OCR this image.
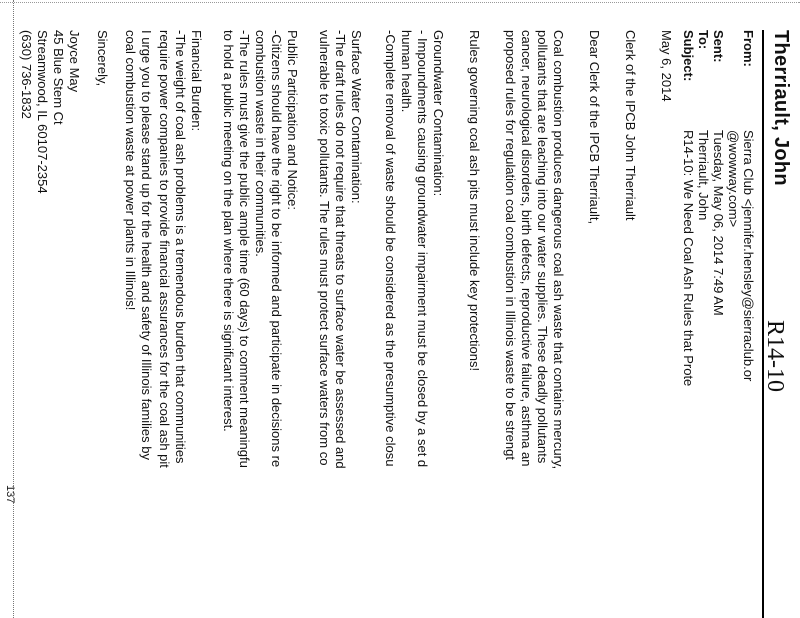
Therriault, John
R14-10
From:
Sierra Club <jennifer.hensley@sierraclub.or
@wowway.com>
Sent:
Tuesday, May 06, 2014 7:49 AM
To:
Therriault, John
Subject:
R14-10: We Need Coal Ash Rules that Prote
May 6, 2014
Clerk of the IPCB John Therriault
Dear Clerk of the IPCB Therriault,
Coal combustion produces dangerous coal ash waste that contains mercury,
pollutants that are leaching into our water supplies. These deadly pollutants
cancer, neurological disorders, birth defects, reproductive failure, asthma an
proposed rules for regulation coal combustion in Illinois waste to be strengt
Rules governing coal ash pits must include key protections!
Groundwater Contamination:
- Impoundments causing groundwater impairment must be closed by a set d
human health.
-Complete removal of waste should be considered as the presumptive closu
Surface Water Contamination:
-The draft rules do not require that threats to surface water be assessed and
vulnerable to toxic pollutants. The rules must protect surface waters from co
Public Participation and Notice:
-Citizens should have the right to be informed and participate in decisions re
combustion waste in their communities.
-The rules must give the public ample time (60 days) to comment meaningfu
to hold a public meeting on the plan where there is significant interest.
Financial Burden:
-The weight of coal ash problems is a tremendous burden that communities
require power companies to provide financial assurances for the coal ash pit
I urge you to please stand up for the health and safety of Illinois families by
coal combustion waste at power plants in Illinois!
Sincerely,
Joyce May
45 Blue Stem Ct
Streamwood, IL 60107-2354
(630) 736-1832
137
